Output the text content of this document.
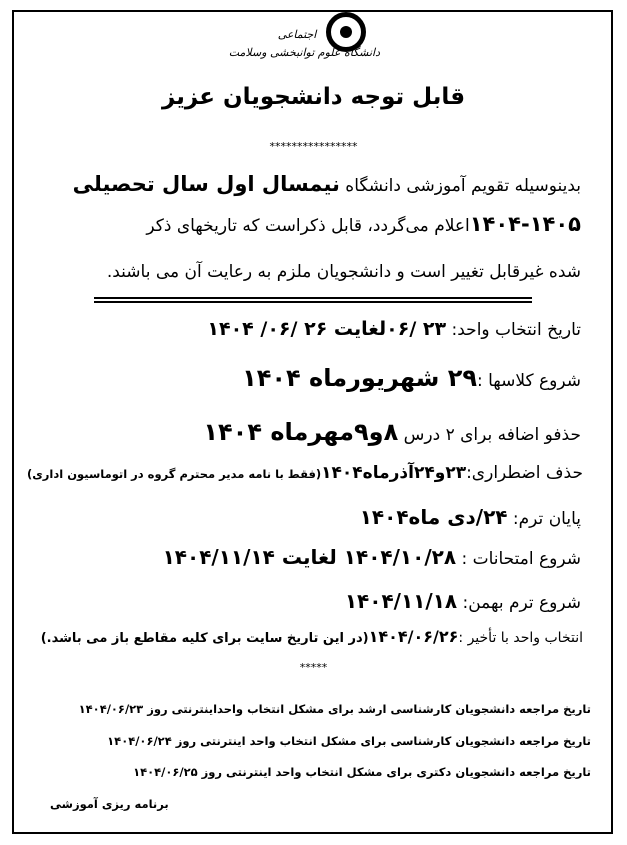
اجتماعی
دانشگاه علوم توانبخشی وسلامت
قابل توجه دانشجویان عزیز
****************
بدینوسیله تقویم آموزشی دانشگاه نیمسال اول سال تحصیلی
۱۴۰۴-۱۴۰۵اعلام می‌گردد، قابل ذکراست که تاریخهای ذکر
شده غیرقابل تغییر است و دانشجویان ملزم به رعایت آن می باشند.
تاریخ انتخاب واحد: ۲۳ /۰۶لغایت ۲۶ /۰۶/ ۱۴۰۴
شروع کلاسها :۲۹ شهریورماه ۱۴۰۴
حذفو اضافه برای ۲ درس ۸و۹مهرماه ۱۴۰۴
حذف اضطراری:۲۳و۲۴آذرماه۱۴۰۴(فقط با نامه مدیر محترم گروه در اتوماسیون اداری)
پایان ترم: ۲۴/دی ماه۱۴۰۴
شروع امتحانات : ۱۴۰۴/۱۰/۲۸ لغایت ۱۴۰۴/۱۱/۱۴
شروع ترم بهمن: ۱۴۰۴/۱۱/۱۸
انتخاب واحد با تأخیر :۱۴۰۴/۰۶/۲۶(در این تاریخ سایت برای کلیه مقاطع باز می باشد.)
*****
تاریخ مراجعه دانشجویان کارشناسی ارشد برای مشکل انتخاب واحداینترنتی روز ۱۴۰۴/۰۶/۲۳
تاریخ مراجعه دانشجویان کارشناسی برای مشکل انتخاب واحد اینترنتی روز ۱۴۰۴/۰۶/۲۴
تاریخ مراجعه دانشجویان دکتری برای مشکل انتخاب واحد اینترنتی روز ۱۴۰۴/۰۶/۲۵
برنامه ریزی آموزشی
